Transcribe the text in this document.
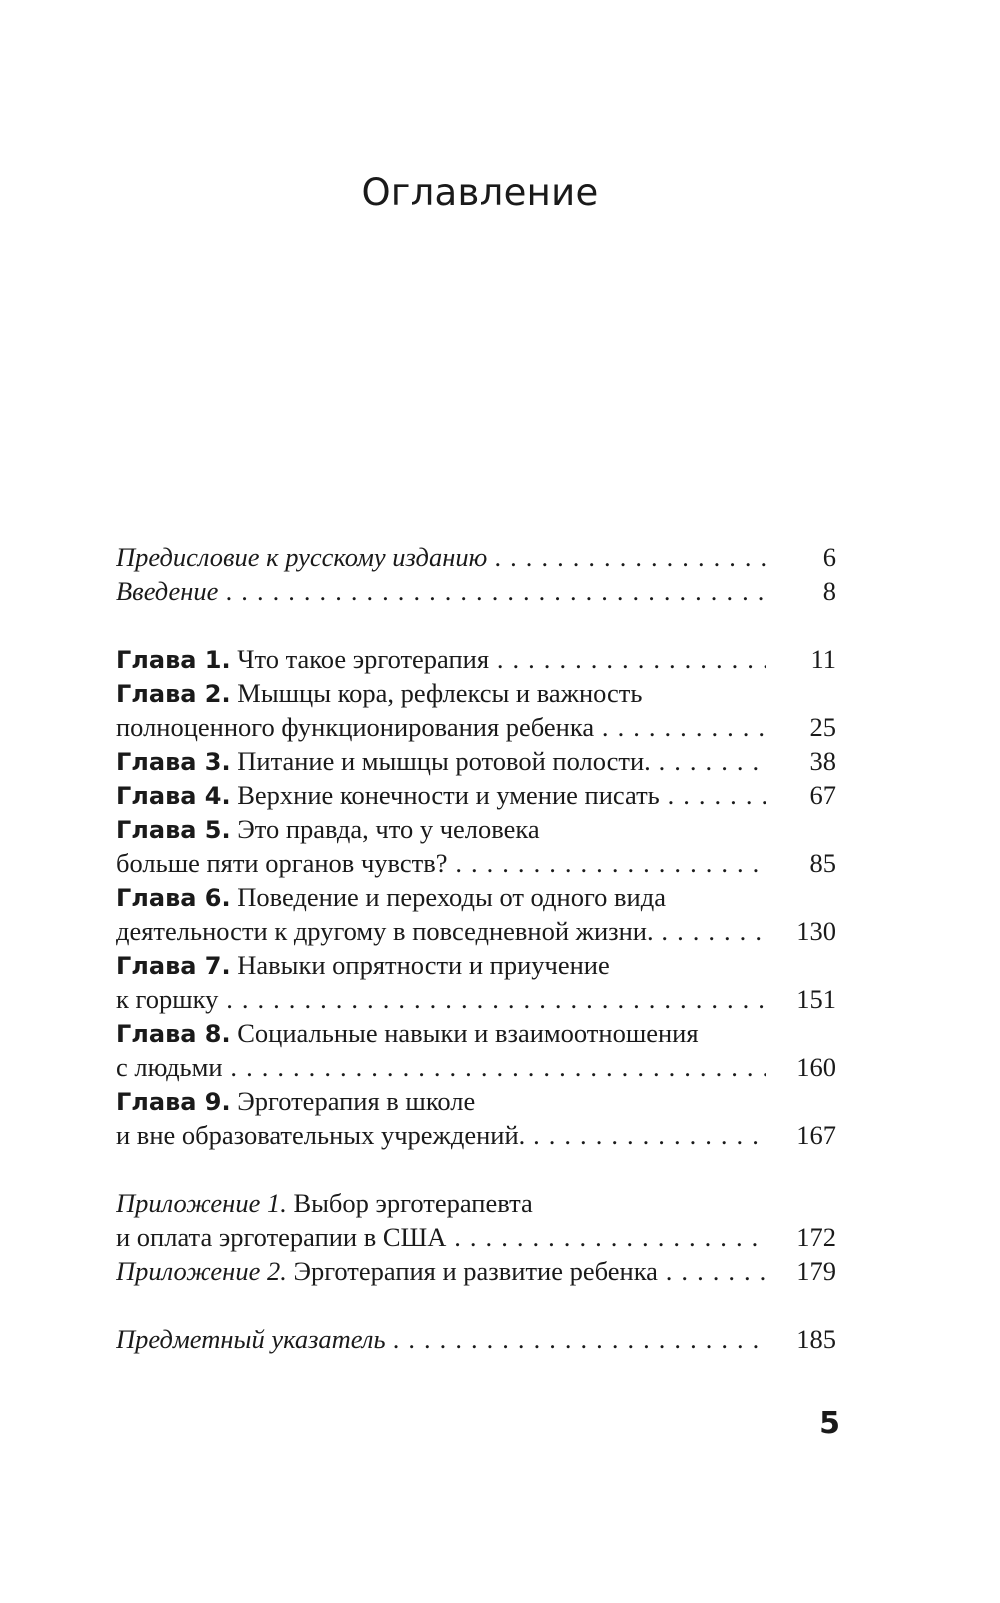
Оглавление
Предисловие к русскому изданию . . .	6
Введение . . .	8
Глава 1. Что такое эрготерапия . . .	11
Глава 2. Мышцы кора, рефлексы и важность
полноценного функционирования ребенка . . .	25
Глава 3. Питание и мышцы ротовой полости. . . .	38
Глава 4. Верхние конечности и умение писать . . .	67
Глава 5. Это правда, что у человека
больше пяти органов чувств? . . .	85
Глава 6. Поведение и переходы от одного вида
деятельности к другому в повседневной жизни. . . .	130
Глава 7. Навыки опрятности и приучение
к горшку . . .	151
Глава 8. Социальные навыки и взаимоотношения
с людьми . . .	160
Глава 9. Эрготерапия в школе
и вне образовательных учреждений. . . .	167
Приложение 1. Выбор эрготерапевта
и оплата эрготерапии в США . . .	172
Приложение 2. Эрготерапия и развитие ребенка . . .	179
Предметный указатель . . .	185
5
